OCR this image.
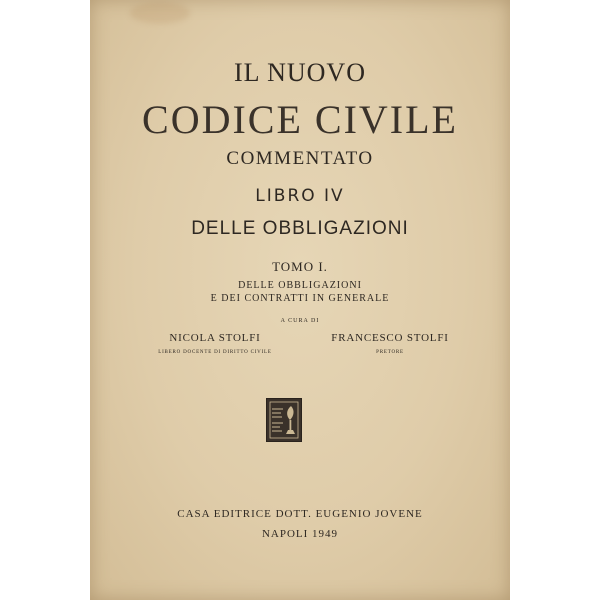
IL NUOVO
CODICE CIVILE
COMMENTATO
LIBRO IV
DELLE OBBLIGAZIONI
TOMO I.
DELLE OBBLIGAZIONI
E DEI CONTRATTI IN GENERALE
A CURA DI
NICOLA STOLFI
LIBERO DOCENTE DI DIRITTO CIVILE
FRANCESCO STOLFI
PRETORE
CASA EDITRICE DOTT. EUGENIO JOVENE
NAPOLI 1949
